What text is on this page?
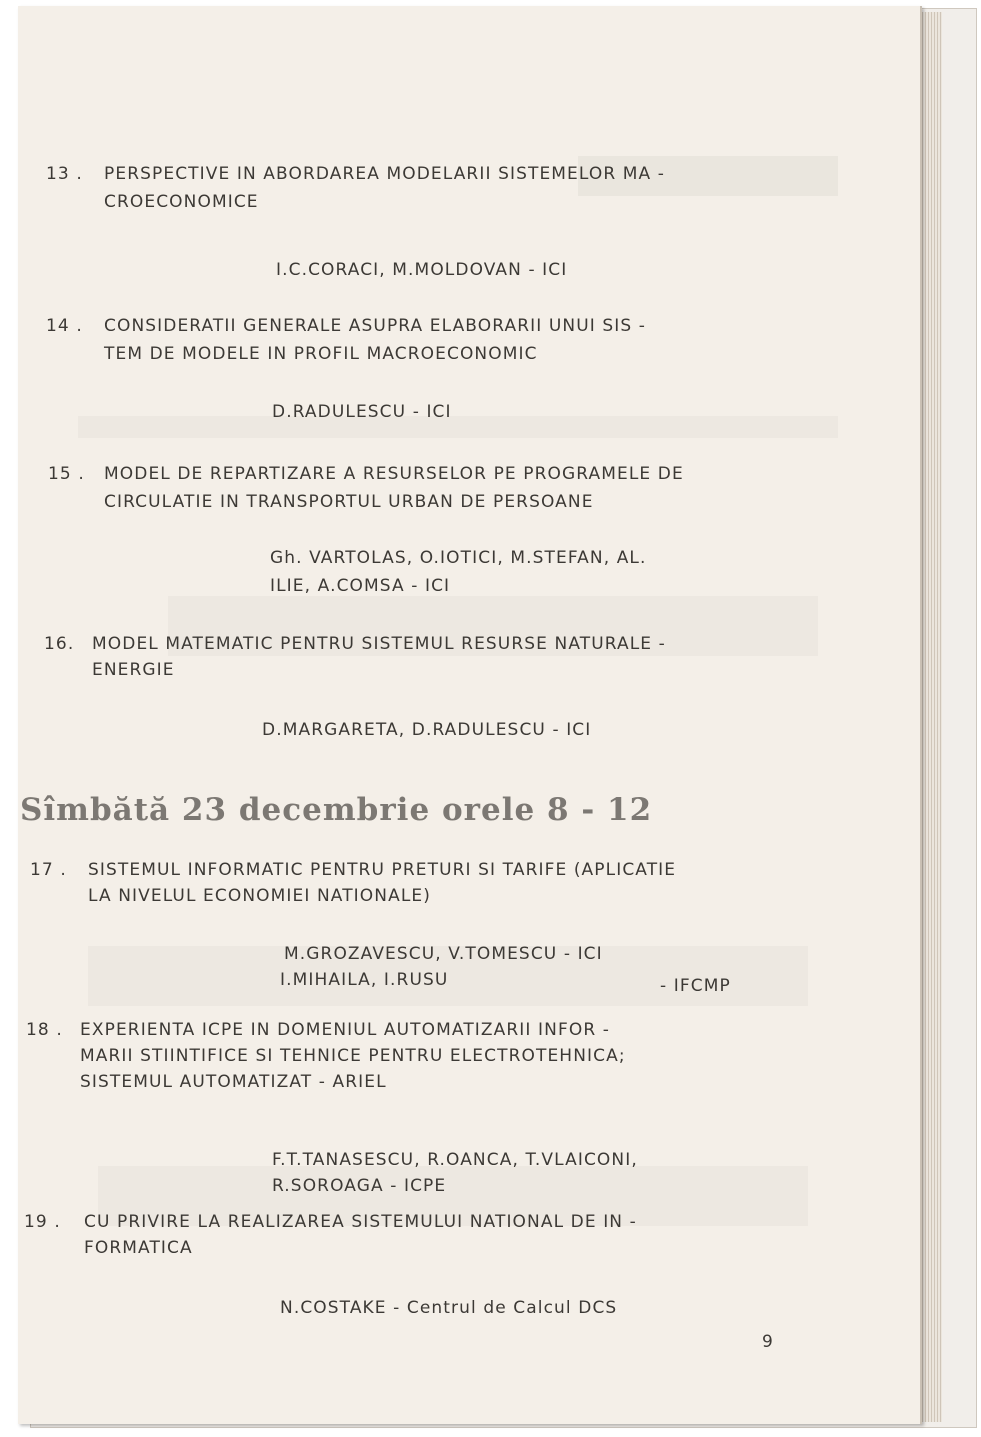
13 . PERSPECTIVE IN ABORDAREA MODELARII SISTEMELOR MA -
CROECONOMICE
I.C.CORACI, M.MOLDOVAN - ICI
14 . CONSIDERATII GENERALE ASUPRA ELABORARII UNUI SIS -
TEM DE MODELE IN PROFIL MACROECONOMIC
D.RADULESCU - ICI
15 . MODEL DE REPARTIZARE A RESURSELOR PE PROGRAMELE DE
CIRCULATIE IN TRANSPORTUL URBAN DE PERSOANE
Gh. VARTOLAS, O.IOTICI, M.STEFAN, AL.
ILIE, A.COMSA - ICI
16. MODEL MATEMATIC PENTRU SISTEMUL RESURSE NATURALE -
ENERGIE
D.MARGARETA, D.RADULESCU - ICI
Sîmbătă 23 decembrie orele 8 - 12
17 . SISTEMUL INFORMATIC PENTRU PRETURI SI TARIFE (APLICATIE
LA NIVELUL ECONOMIEI NATIONALE)
M.GROZAVESCU, V.TOMESCU - ICI
I.MIHAILA, I.RUSU	- IFCMP
18 . EXPERIENTA ICPE IN DOMENIUL AUTOMATIZARII INFOR -
MARII STIINTIFICE SI TEHNICE PENTRU ELECTROTEHNICA;
SISTEMUL AUTOMATIZAT - ARIEL
F.T.TANASESCU, R.OANCA, T.VLAICONI,
R.SOROAGA - ICPE
19 . CU PRIVIRE LA REALIZAREA SISTEMULUI NATIONAL DE IN -
FORMATICA
N.COSTAKE - Centrul de Calcul DCS
9
